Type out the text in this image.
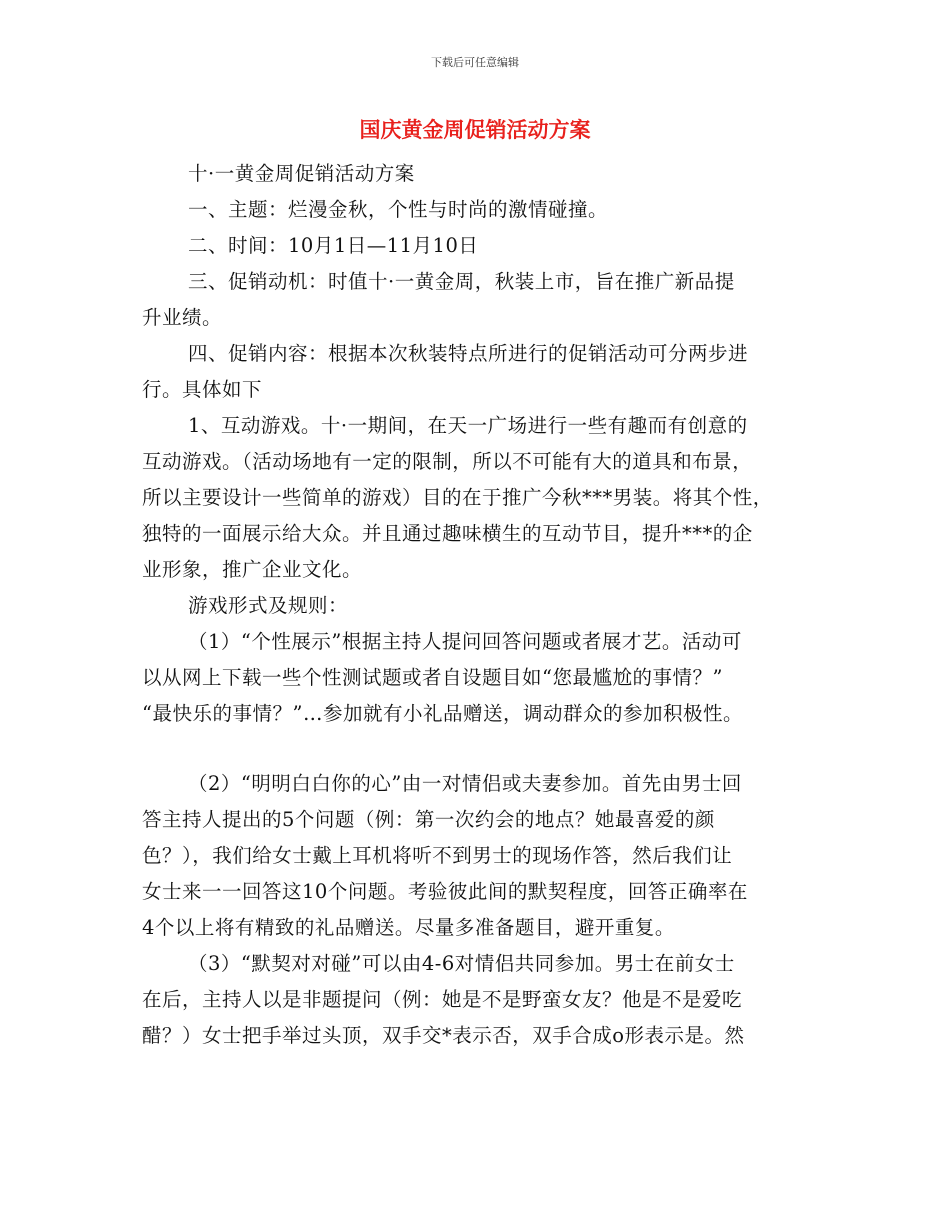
下载后可任意编辑
国庆黄金周促销活动方案

十·一黄金周促销活动方案

一、主题：烂漫金秋，个性与时尚的激情碰撞。

二、时间：10月1日—11月10日

三、促销动机：时值十·一黄金周，秋装上市，旨在推广新品提

升业绩。

四、促销内容：根据本次秋装特点所进行的促销活动可分两步进

行。具体如下

1、互动游戏。十·一期间，在天一广场进行一些有趣而有创意的

互动游戏。（活动场地有一定的限制，所以不可能有大的道具和布景，

所以主要设计一些简单的游戏）目的在于推广今秋***男装。将其个性，

独特的一面展示给大众。并且通过趣味横生的互动节目，提升***的企

业形象，推广企业文化。

游戏形式及规则：

（1）“个性展示”根据主持人提问回答问题或者展才艺。活动可

以从网上下载一些个性测试题或者自设题目如“您最尴尬的事情？”

“最快乐的事情？”…参加就有小礼品赠送，调动群众的参加积极性。

（2）“明明白白你的心”由一对情侣或夫妻参加。首先由男士回

答主持人提出的5个问题（例：第一次约会的地点？她最喜爱的颜

色？），我们给女士戴上耳机将听不到男士的现场作答，然后我们让

女士来一一回答这10个问题。考验彼此间的默契程度，回答正确率在

4个以上将有精致的礼品赠送。尽量多准备题目，避开重复。

（3）“默契对对碰”可以由4-6对情侣共同参加。男士在前女士

在后，主持人以是非题提问（例：她是不是野蛮女友？他是不是爱吃

醋？）女士把手举过头顶，双手交*表示否，双手合成o形表示是。然
